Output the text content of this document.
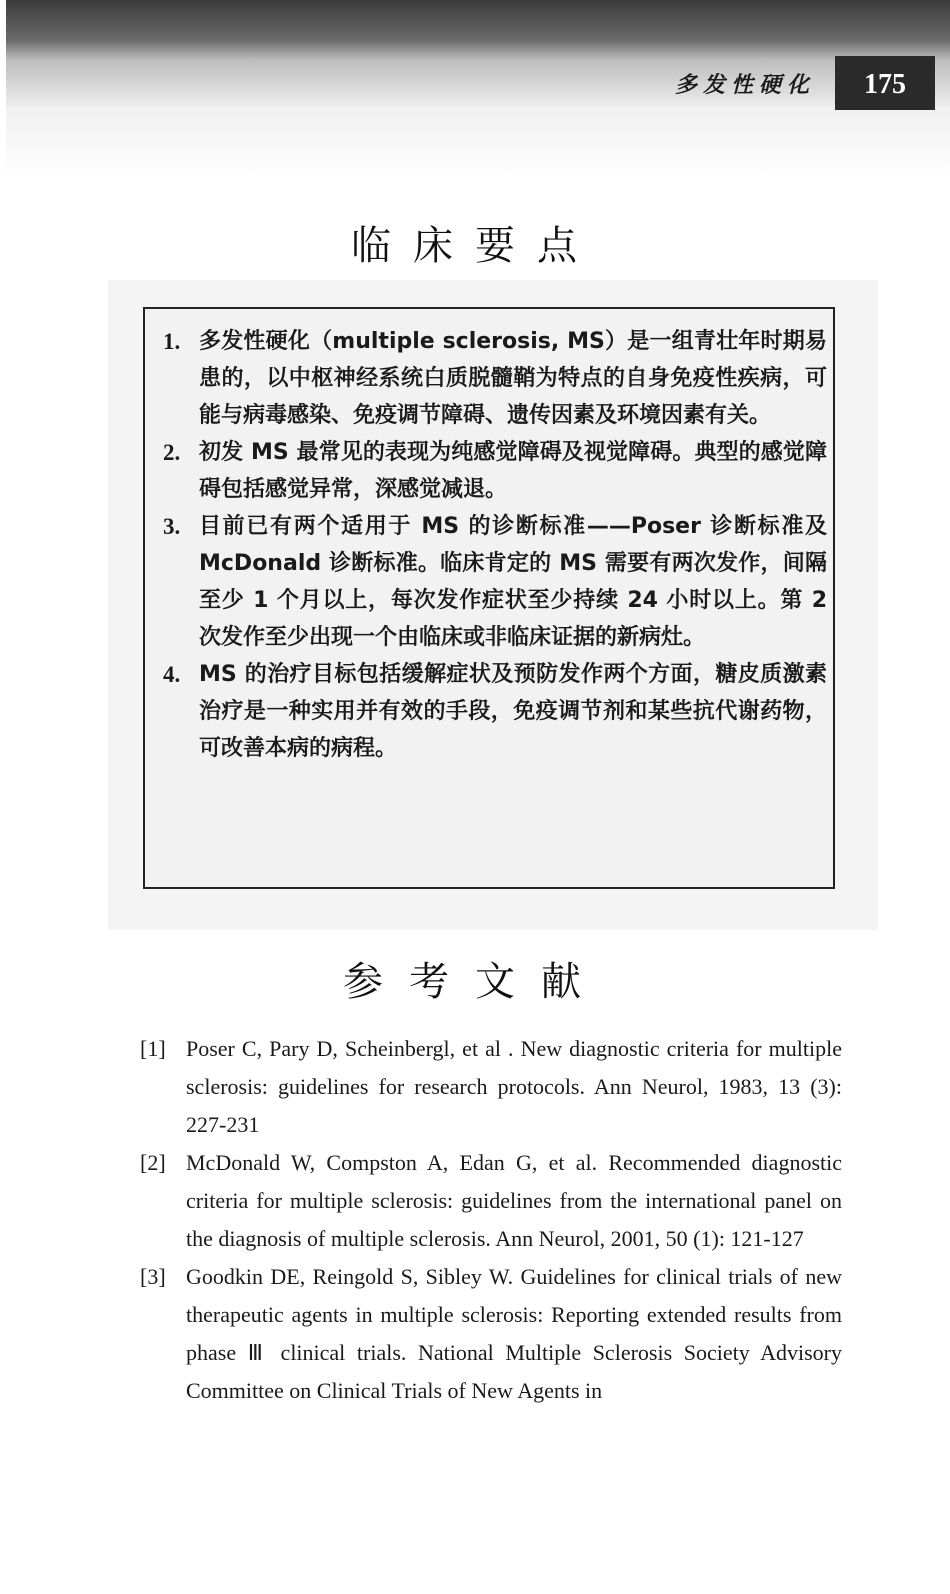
多发性硬化	175
临床要点
1. 多发性硬化（multiple sclerosis, MS）是一组青壮年时期易患的，以中枢神经系统白质脱髓鞘为特点的自身免疫性疾病，可能与病毒感染、免疫调节障碍、遗传因素及环境因素有关。
2. 初发 MS 最常见的表现为纯感觉障碍及视觉障碍。典型的感觉障碍包括感觉异常，深感觉减退。
3. 目前已有两个适用于 MS 的诊断标准——Poser 诊断标准及 McDonald 诊断标准。临床肯定的 MS 需要有两次发作，间隔至少 1 个月以上，每次发作症状至少持续 24 小时以上。第 2 次发作至少出现一个由临床或非临床证据的新病灶。
4. MS 的治疗目标包括缓解症状及预防发作两个方面，糖皮质激素治疗是一种实用并有效的手段，免疫调节剂和某些抗代谢药物，可改善本病的病程。
参考文献
[1] Poser C, Pary D, Scheinbergl, et al . New diagnostic criteria for multiple sclerosis: guidelines for research protocols. Ann Neurol, 1983, 13 (3): 227-231
[2] McDonald W, Compston A, Edan G, et al. Recommended diagnostic criteria for multiple sclerosis: guidelines from the international panel on the diagnosis of multiple sclerosis. Ann Neurol, 2001, 50 (1): 121-127
[3] Goodkin DE, Reingold S, Sibley W. Guidelines for clinical trials of new therapeutic agents in multiple sclerosis: Reporting extended results from phase Ⅲ clinical trials. National Multiple Sclerosis Society Advisory Committee on Clinical Trials of New Agents in
